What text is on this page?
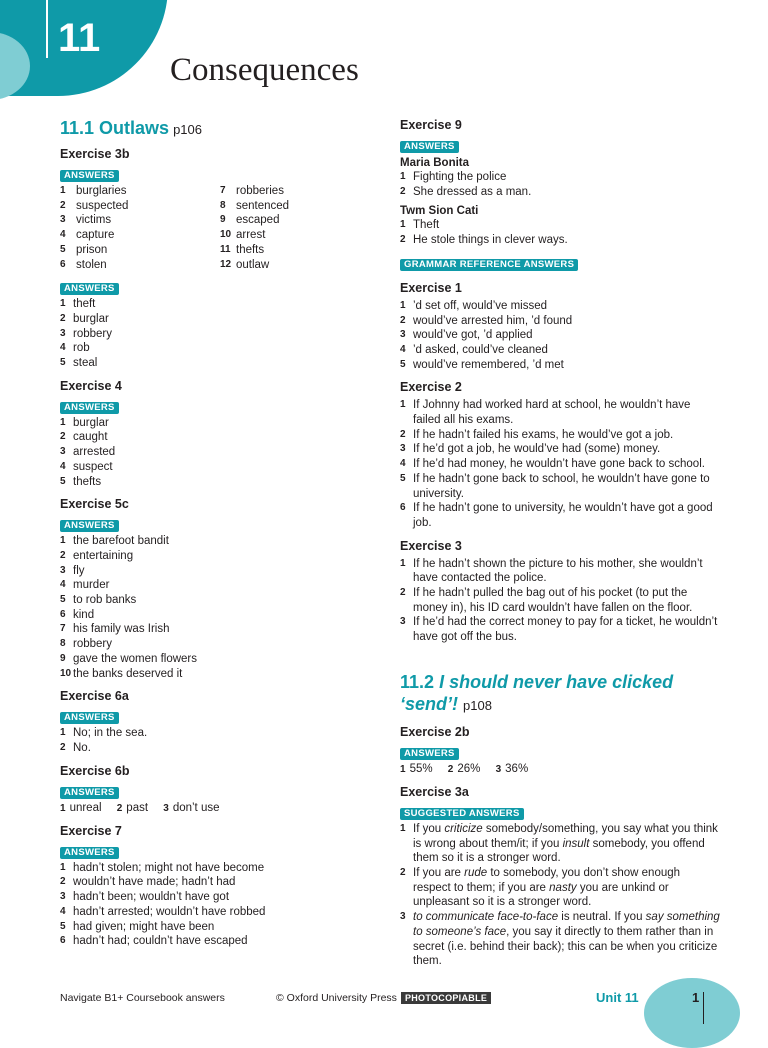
11
Consequences
11.1 Outlaws p106
Exercise 3b
ANSWERS
1 burglaries
2 suspected
3 victims
4 capture
5 prison
6 stolen
7 robberies
8 sentenced
9 escaped
10 arrest
11 thefts
12 outlaw
ANSWERS
1 theft
2 burglar
3 robbery
4 rob
5 steal
Exercise 4
ANSWERS
1 burglar
2 caught
3 arrested
4 suspect
5 thefts
Exercise 5c
ANSWERS
1 the barefoot bandit
2 entertaining
3 fly
4 murder
5 to rob banks
6 kind
7 his family was Irish
8 robbery
9 gave the women flowers
10 the banks deserved it
Exercise 6a
ANSWERS
1 No; in the sea.
2 No.
Exercise 6b
ANSWERS
1 unreal 2 past 3 don’t use
Exercise 7
ANSWERS
1 hadn’t stolen; might not have become
2 wouldn’t have made; hadn’t had
3 hadn’t been; wouldn’t have got
4 hadn’t arrested; wouldn’t have robbed
5 had given; might have been
6 hadn’t had; couldn’t have escaped
Exercise 9
ANSWERS
Maria Bonita
1 Fighting the police
2 She dressed as a man.
Twm Sion Cati
1 Theft
2 He stole things in clever ways.
GRAMMAR REFERENCE ANSWERS
Exercise 1
1 ’d set off, would’ve missed
2 would’ve arrested him, ’d found
3 would’ve got, ’d applied
4 ’d asked, could’ve cleaned
5 would’ve remembered, ’d met
Exercise 2
1 If Johnny had worked hard at school, he wouldn’t have failed all his exams.
2 If he hadn’t failed his exams, he would’ve got a job.
3 If he’d got a job, he would’ve had (some) money.
4 If he’d had money, he wouldn’t have gone back to school.
5 If he hadn’t gone back to school, he wouldn’t have gone to university.
6 If he hadn’t gone to university, he wouldn’t have got a good job.
Exercise 3
1 If he hadn’t shown the picture to his mother, she wouldn’t have contacted the police.
2 If he hadn’t pulled the bag out of his pocket (to put the money in), his ID card wouldn’t have fallen on the floor.
3 If he’d had the correct money to pay for a ticket, he wouldn’t have got off the bus.
11.2 I should never have clicked ‘send’! p108
Exercise 2b
ANSWERS
1 55% 2 26% 3 36%
Exercise 3a
SUGGESTED ANSWERS
1 If you criticize somebody/something, you say what you think is wrong about them/it; if you insult somebody, you offend them so it is a stronger word.
2 If you are rude to somebody, you don’t show enough respect to them; if you are nasty you are unkind or unpleasant so it is a stronger word.
3 to communicate face-to-face is neutral. If you say something to someone’s face, you say it directly to them rather than in secret (i.e. behind their back); this can be when you criticize them.
Navigate B1+ Coursebook answers	© Oxford University Press PHOTOCOPIABLE	Unit 11	1
